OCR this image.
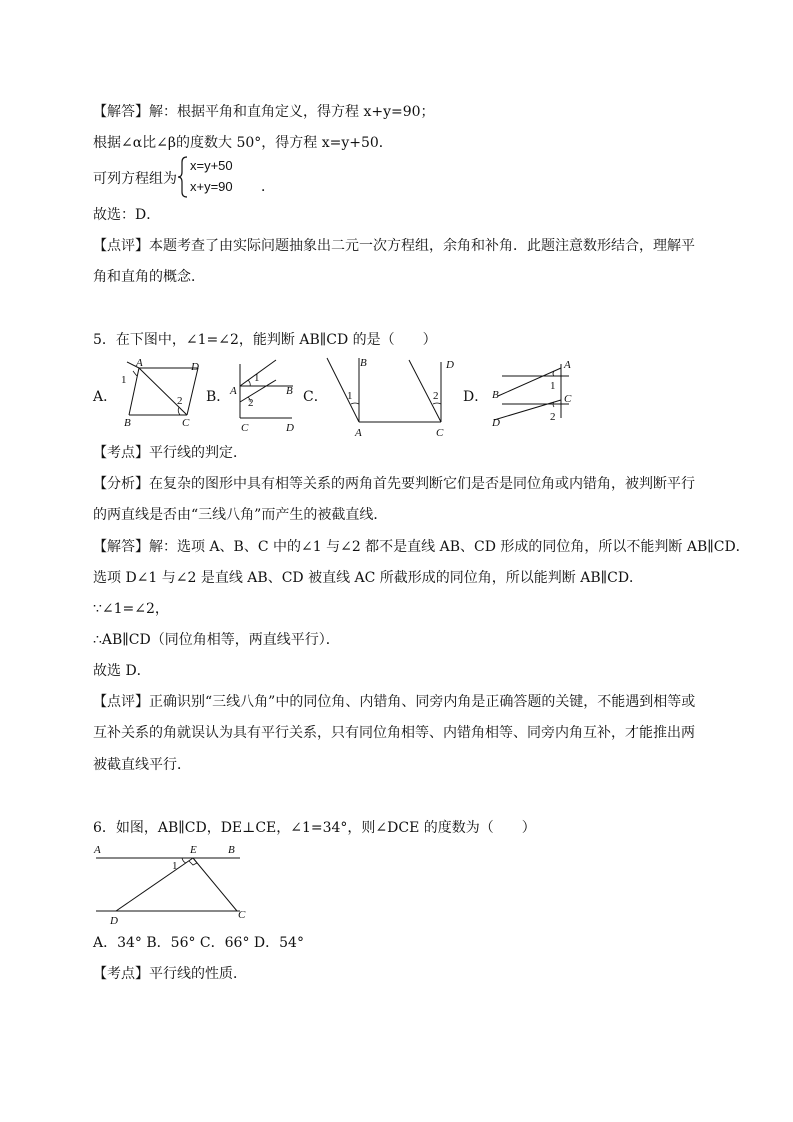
【解答】解：根据平角和直角定义，得方程 x+y=90；
根据∠α比∠β的度数大 50°，得方程 x=y+50．
可列方程组为
x=y+50
x+y=90 ．
故选：D．
【点评】本题考查了由实际问题抽象出二元一次方程组，余角和补角．此题注意数形结合，理解平
角和直角的概念．
5．在下图中，∠1=∠2，能判断 AB∥CD 的是（　　）
A．
A	D
B	C
1
2 B． A	B
C	D
1
2	C．
B	D
A	C
1	2 D．
A
B	C
D
1
2
【考点】平行线的判定．
【分析】在复杂的图形中具有相等关系的两角首先要判断它们是否是同位角或内错角，被判断平行
的两直线是否由“三线八角”而产生的被截直线．
【解答】解：选项 A、B、C 中的∠1 与∠2 都不是直线 AB、CD 形成的同位角，所以不能判断 AB∥CD．
选项 D∠1 与∠2 是直线 AB、CD 被直线 AC 所截形成的同位角，所以能判断 AB∥CD．
∵∠1=∠2，
∴AB∥CD（同位角相等，两直线平行）．
故选 D．
【点评】正确识别“三线八角”中的同位角、内错角、同旁内角是正确答题的关键，不能遇到相等或
互补关系的角就误认为具有平行关系，只有同位角相等、内错角相等、同旁内角互补，才能推出两
被截直线平行．
6．如图，AB∥CD，DE⊥CE，∠1=34°，则∠DCE 的度数为（　　）
A	E	B
D	C
1
A．34° B．56° C．66° D．54°
【考点】平行线的性质．
